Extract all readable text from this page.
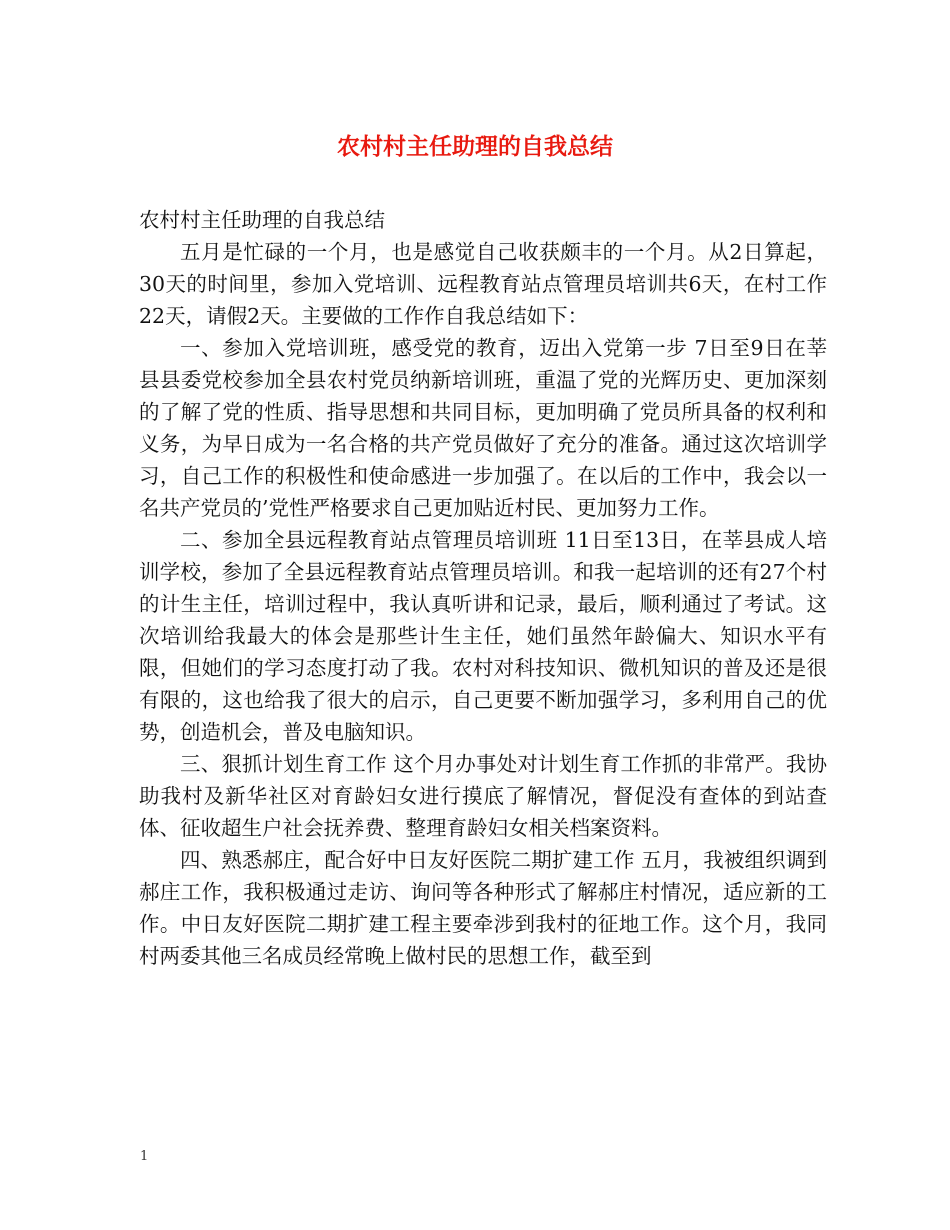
农村村主任助理的自我总结

农村村主任助理的自我总结

五月是忙碌的一个月，也是感觉自己收获颇丰的一个月。从2日算起，30天的时间里，参加入党培训、远程教育站点管理员培训共6天，在村工作22天，请假2天。主要做的工作作自我总结如下：

一、参加入党培训班，感受党的教育，迈出入党第一步 7日至9日在莘县县委党校参加全县农村党员纳新培训班，重温了党的光辉历史、更加深刻的了解了党的性质、指导思想和共同目标，更加明确了党员所具备的权利和义务，为早日成为一名合格的共产党员做好了充分的准备。通过这次培训学习，自己工作的积极性和使命感进一步加强了。在以后的工作中，我会以一名共产党员的’党性严格要求自己更加贴近村民、更加努力工作。

二、参加全县远程教育站点管理员培训班 11日至13日，在莘县成人培训学校，参加了全县远程教育站点管理员培训。和我一起培训的还有27个村的计生主任，培训过程中，我认真听讲和记录，最后，顺利通过了考试。这次培训给我最大的体会是那些计生主任，她们虽然年龄偏大、知识水平有限，但她们的学习态度打动了我。农村对科技知识、微机知识的普及还是很有限的，这也给我了很大的启示，自己更要不断加强学习，多利用自己的优势，创造机会，普及电脑知识。

三、狠抓计划生育工作 这个月办事处对计划生育工作抓的非常严。我协助我村及新华社区对育龄妇女进行摸底了解情况，督促没有查体的到站查体、征收超生户社会抚养费、整理育龄妇女相关档案资料。

四、熟悉郝庄，配合好中日友好医院二期扩建工作 五月，我被组织调到郝庄工作，我积极通过走访、询问等各种形式了解郝庄村情况，适应新的工作。中日友好医院二期扩建工程主要牵涉到我村的征地工作。这个月，我同村两委其他三名成员经常晚上做村民的思想工作，截至到

1
